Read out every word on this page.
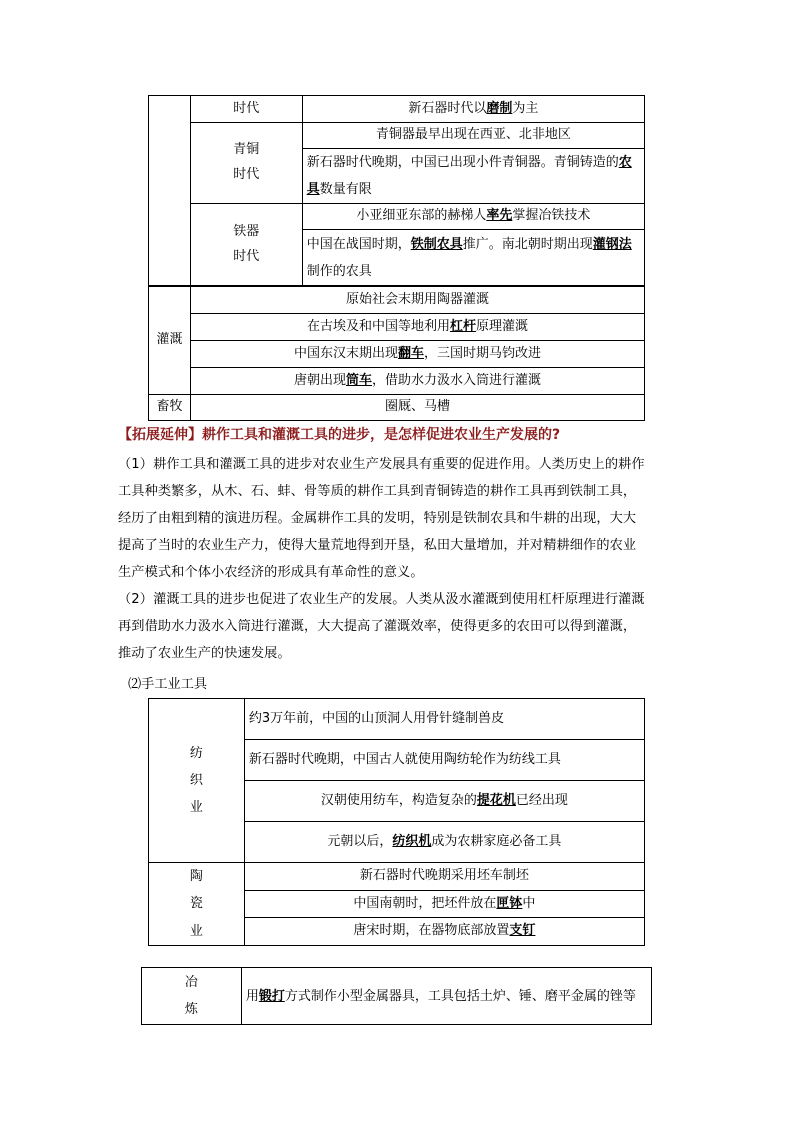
	时代	新石器时代以磨制为主

	青铜
时代	青铜器最早出现在西亚、北非地区
		新石器时代晚期，中国已出现小件青铜器。青铜铸造的农具数量有限

	铁器
时代	小亚细亚东部的赫梯人率先掌握冶铁技术
		中国在战国时期，铁制农具推广。南北朝时期出现灌钢法制作的农具
灌溉	原始社会末期用陶器灌溉
	在古埃及和中国等地利用杠杆原理灌溉
	中国东汉末期出现翻车，三国时期马钧改进
	唐朝出现筒车，借助水力汲水入筒进行灌溉
畜牧	圈厩、马槽
【拓展延伸】耕作工具和灌溉工具的进步，是怎样促进农业生产发展的?
（1）耕作工具和灌溉工具的进步对农业生产发展具有重要的促进作用。人类历史上的耕作工具种类繁多，从木、石、蚌、骨等质的耕作工具到青铜铸造的耕作工具再到铁制工具，经历了由粗到精的演进历程。金属耕作工具的发明，特别是铁制农具和牛耕的出现，大大提高了当时的农业生产力，使得大量荒地得到开垦，私田大量增加，并对精耕细作的农业生产模式和个体小农经济的形成具有革命性的意义。
（2）灌溉工具的进步也促进了农业生产的发展。人类从汲水灌溉到使用杠杆原理进行灌溉再到借助水力汲水入筒进行灌溉，大大提高了灌溉效率，使得更多的农田可以得到灌溉，推动了农业生产的快速发展。
⑵手工业工具
纺
织
业	约3万年前，中国的山顶洞人用骨针缝制兽皮
	新石器时代晚期，中国古人就使用陶纺轮作为纺线工具
	汉朝使用纺车，构造复杂的提花机已经出现
	元朝以后，纺织机成为农耕家庭必备工具

陶
瓷
业	新石器时代晚期采用坯车制坯
	中国南朝时，把坯件放在匣钵中
	唐宋时期，在器物底部放置支钉
冶
炼
	用锻打方式制作小型金属器具，工具包括土炉、锤、磨平金属的锉等
